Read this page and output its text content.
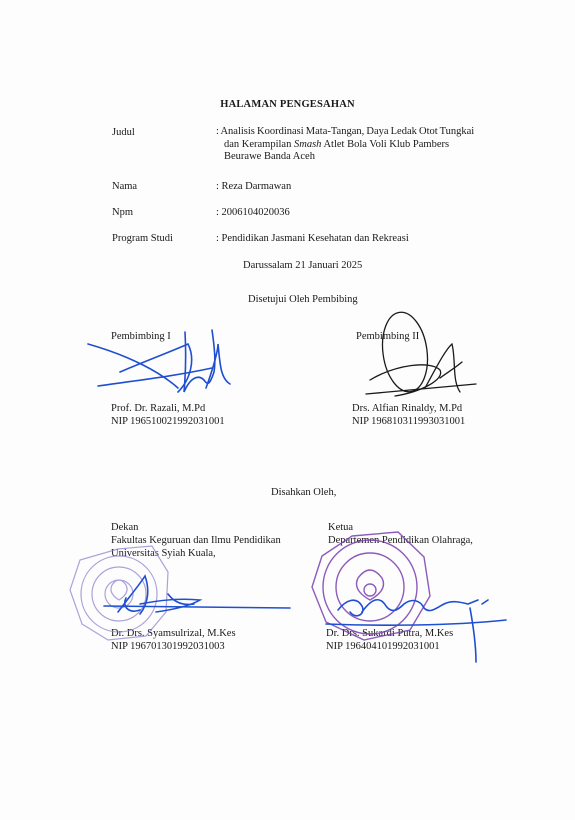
HALAMAN PENGESAHAN
Judul	: Analisis Koordinasi Mata-Tangan, Daya Ledak Otot Tungkai
dan Kerampilan Smash Atlet Bola Voli Klub Pambers
Beurawe Banda Aceh
Nama	: Reza Darmawan
Npm	: 2006104020036
Program Studi	: Pendidikan Jasmani Kesehatan dan Rekreasi
Darussalam 21 Januari 2025
Disetujui Oleh Pembibing
Pembimbing I
Prof. Dr. Razali, M.Pd
NIP 196510021992031001
Pembimbing II
Drs. Alfian Rinaldy, M.Pd
NIP 196810311993031001
Disahkan Oleh,
Dekan
Fakultas Keguruan dan Ilmu Pendidikan
Universitas Syiah Kuala,
Dr. Drs. Syamsulrizal, M.Kes
NIP 196701301992031003
Ketua
Departemen Pendidikan Olahraga,
Dr. Drs. Sukardi Putra, M.Kes
NIP 196404101992031001
